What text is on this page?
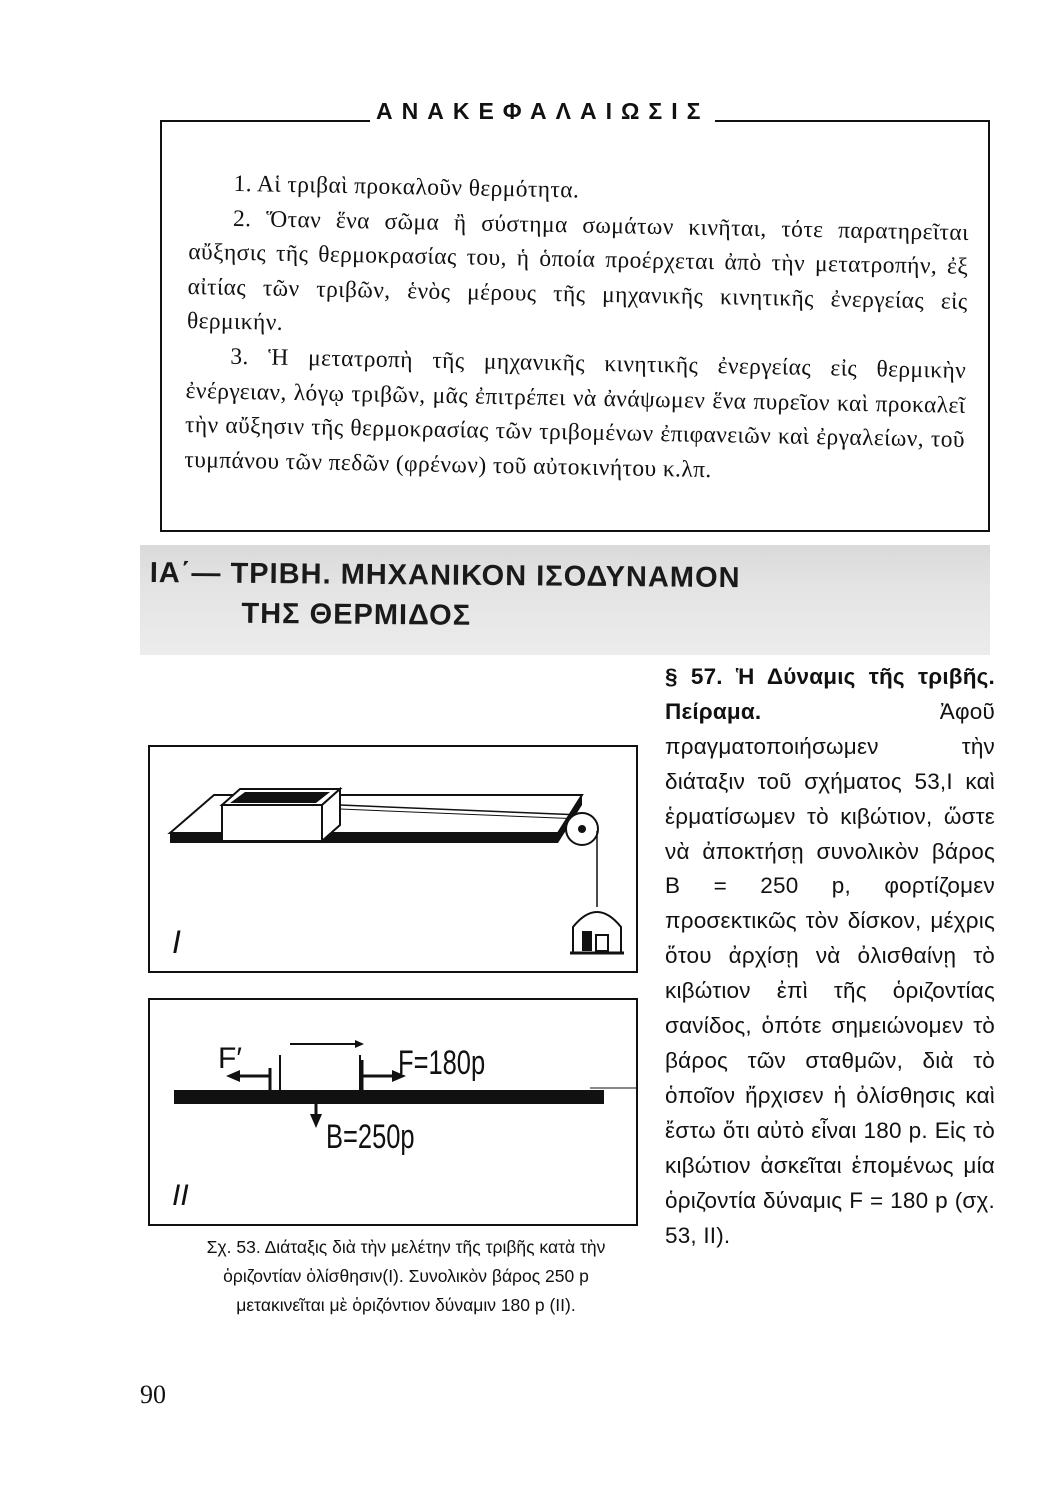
ΑΝΑΚΕΦΑΛΑΙΩΣΙΣ

1. Αἱ τριβαὶ προκαλοῦν θερμότητα.

2. Ὅταν ἕνα σῶμα ἢ σύστημα σωμάτων κινῆται, τότε παρατηρεῖται αὔξησις τῆς θερμοκρασίας του, ἡ ὁποία προέρχεται ἀπὸ τὴν μετατροπήν, ἐξ αἰτίας τῶν τριβῶν, ἑνὸς μέρους τῆς μηχανικῆς κινητικῆς ἐνεργείας εἰς θερμικήν.

3. Ἡ μετατροπὴ τῆς μηχανικῆς κινητικῆς ἐνεργείας εἰς θερμικὴν ἐνέργειαν, λόγῳ τριβῶν, μᾶς ἐπιτρέπει νὰ ἀνάψωμεν ἕνα πυρεῖον καὶ προκαλεῖ τὴν αὔξησιν τῆς θερμοκρασίας τῶν τριβομένων ἐπιφανειῶν καὶ ἐργαλείων, τοῦ τυμπάνου τῶν πεδῶν (φρένων) τοῦ αὐτοκινήτου κ.λπ.

ΙΑ΄— ΤΡΙΒΗ. ΜΗΧΑΝΙΚΟΝ ΙΣΟΔΥΝΑΜΟΝ
ΤΗΣ ΘΕΡΜΙΔΟΣ
§ 57. Ἡ Δύναμις τῆς τριβῆς. Πείραμα.	Ἀφοῦ πραγματοποιήσωμεν τὴν διάταξιν τοῦ σχήματος 53,Ι καὶ ἑρματίσωμεν τὸ κιβώτιον, ὥστε νὰ ἀποκτήσῃ συνολικὸν βάρος Β = 250 p, φορτίζομεν προσεκτικῶς τὸν δίσκον, μέχρις ὅτου ἀρχίσῃ νὰ ὀλισθαίνῃ τὸ κιβώτιον ἐπὶ τῆς ὁριζοντίας σανίδος, ὁπότε σημειώνομεν τὸ βάρος τῶν σταθμῶν, διὰ τὸ ὁποῖον ἤρχισεν ἡ ὀλίσθησις καὶ ἔστω ὅτι αὐτὸ εἶναι 180 p. Εἰς τὸ κιβώτιον ἀσκεῖται ἑπομένως μία ὁριζοντία δύναμις F = 180 p (σχ. 53, ΙΙ).
I
F′	F=180p
B=250p
II
Σχ. 53. Διάταξις διὰ τὴν μελέτην τῆς τριβῆς κατὰ τὴν ὁριζοντίαν ὀλίσθησιν(Ι). Συνολικὸν βάρος 250 p μετακινεῖται μὲ ὁριζόντιον δύναμιν 180 p (ΙΙ).
90
